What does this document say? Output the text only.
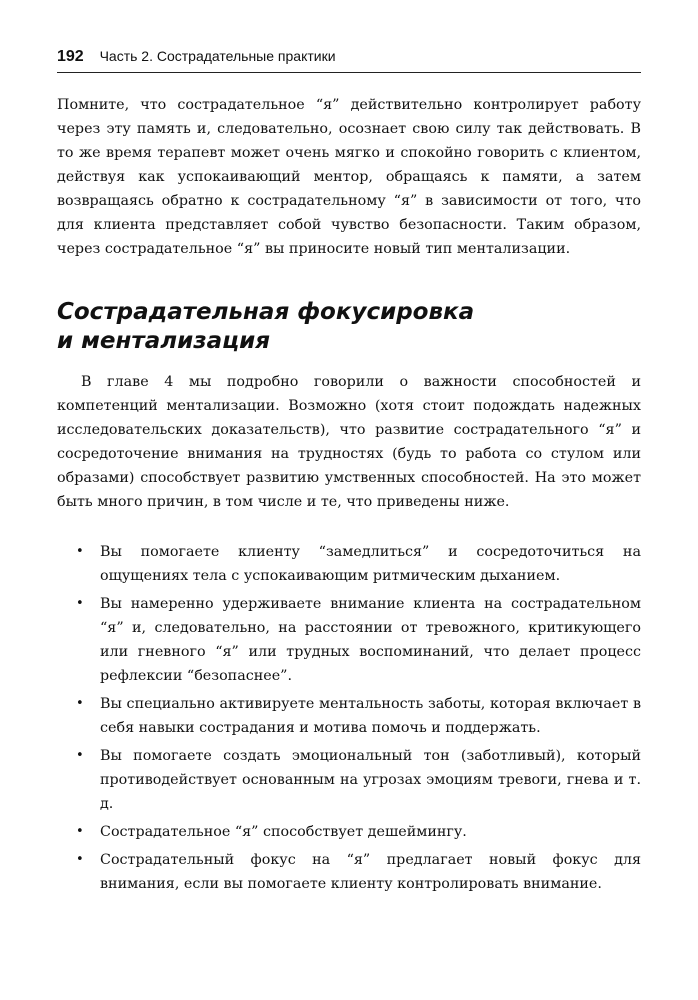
192 Часть 2. Сострадательные практики

Помните, что сострадательное “я” действительно контролирует работу через эту память и, следовательно, осознает свою силу так действовать. В то же время терапевт может очень мягко и спокойно говорить с клиентом, действуя как успокаивающий ментор, обращаясь к памяти, а затем возвращаясь обратно к сострадательному “я” в зависимости от того, что для клиента представляет собой чувство безопасности. Таким образом, через сострадательное “я” вы приносите новый тип ментализации.

Сострадательная фокусировка
и ментализация

В главе 4 мы подробно говорили о важности способностей и компетенций ментализации. Возможно (хотя стоит подождать надежных исследовательских доказательств), что развитие сострадательного “я” и сосредоточение внимания на трудностях (будь то работа со стулом или образами) способствует развитию умственных способностей. На это может быть много причин, в том числе и те, что приведены ниже.

• Вы помогаете клиенту “замедлиться” и сосредоточиться на ощущениях тела с успокаивающим ритмическим дыханием.
• Вы намеренно удерживаете внимание клиента на сострадательном “я” и, следовательно, на расстоянии от тревожного, критикующего или гневного “я” или трудных воспоминаний, что делает процесс рефлексии “безопаснее”.
• Вы специально активируете ментальность заботы, которая включает в себя навыки сострадания и мотива помочь и поддержать.
• Вы помогаете создать эмоциональный тон (заботливый), который противодействует основанным на угрозах эмоциям тревоги, гнева и т. д.
• Сострадательное “я” способствует дешеймингу.
• Сострадательный фокус на “я” предлагает новый фокус для внимания, если вы помогаете клиенту контролировать внимание.
